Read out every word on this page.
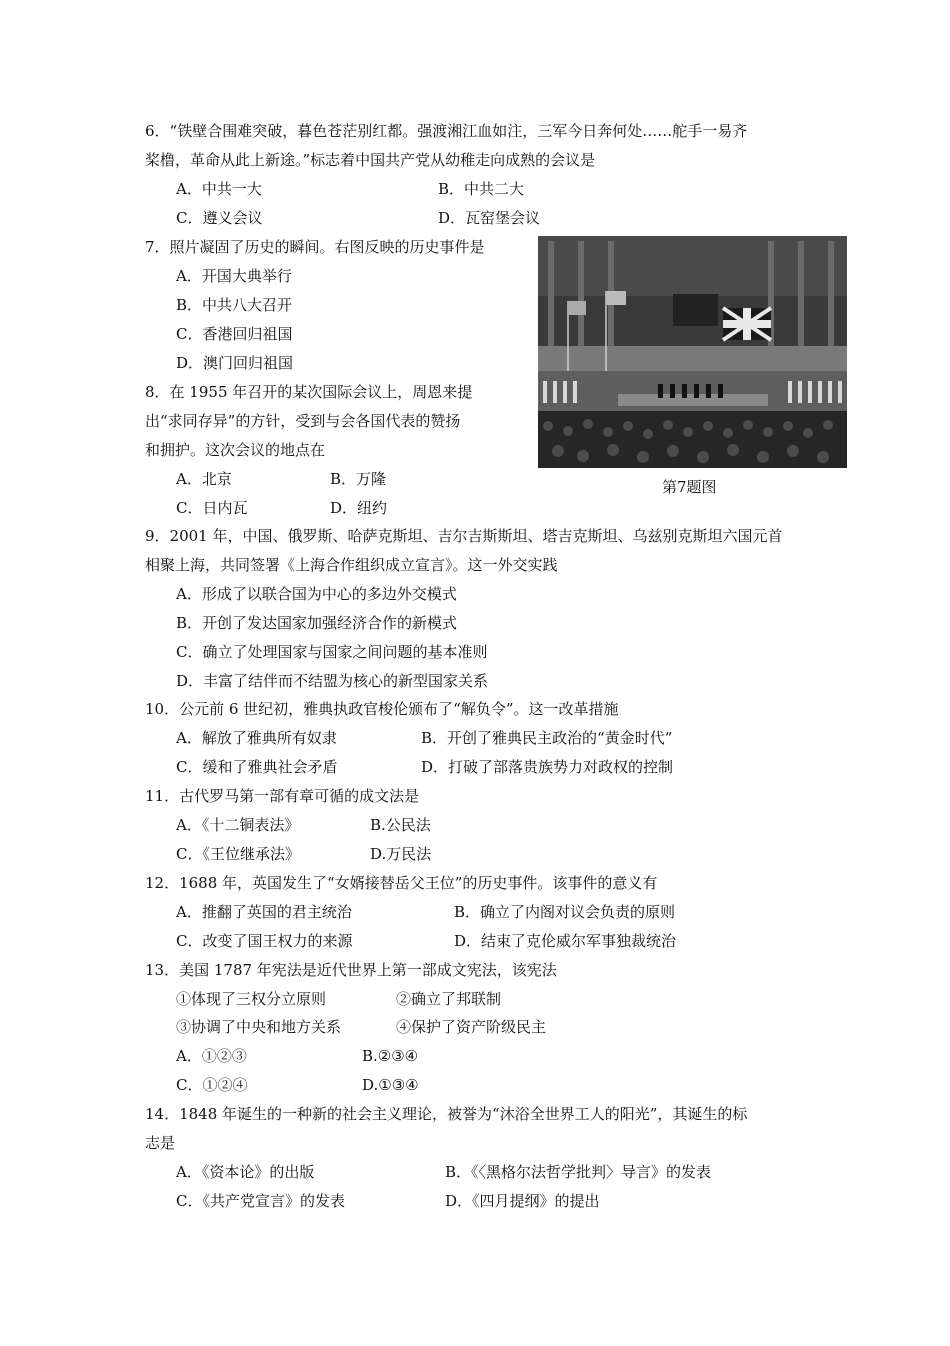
6．“铁壁合围难突破，暮色苍茫别红都。强渡湘江血如注，三军今日奔何处……舵手一易齐
桨橹，革命从此上新途。”标志着中国共产党从幼稚走向成熟的会议是
A．中共一大	B．中共二大
C．遵义会议	D．瓦窑堡会议
7．照片凝固了历史的瞬间。右图反映的历史事件是
A．开国大典举行
B．中共八大召开
C．香港回归祖国
D．澳门回归祖国
第7题图
8．在 1955 年召开的某次国际会议上，周恩来提
出“求同存异”的方针，受到与会各国代表的赞扬
和拥护。这次会议的地点在
A．北京	B．万隆
C．日内瓦	D．纽约
9．2001 年，中国、俄罗斯、哈萨克斯坦、吉尔吉斯斯坦、塔吉克斯坦、乌兹别克斯坦六国元首
相聚上海，共同签署《上海合作组织成立宣言》。这一外交实践
A．形成了以联合国为中心的多边外交模式
B．开创了发达国家加强经济合作的新模式
C．确立了处理国家与国家之间问题的基本准则
D．丰富了结伴而不结盟为核心的新型国家关系
10．公元前 6 世纪初，雅典执政官梭伦颁布了“解负令”。这一改革措施
A．解放了雅典所有奴隶	B．开创了雅典民主政治的“黄金时代”
C．缓和了雅典社会矛盾	D．打破了部落贵族势力对政权的控制
11．古代罗马第一部有章可循的成文法是
A．《十二铜表法》	B.公民法
C．《王位继承法》	D.万民法
12．1688 年，英国发生了“女婿接替岳父王位”的历史事件。该事件的意义有
A．推翻了英国的君主统治	B．确立了内阁对议会负责的原则
C．改变了国王权力的来源	D．结束了克伦威尔军事独裁统治
13．美国 1787 年宪法是近代世界上第一部成文宪法，该宪法
①体现了三权分立原则	②确立了邦联制
③协调了中央和地方关系	④保护了资产阶级民主
A．①②③	B.②③④
C．①②④	D.①③④
14．1848 年诞生的一种新的社会主义理论，被誉为“沐浴全世界工人的阳光”，其诞生的标
志是
A．《资本论》的出版	B．《〈黑格尔法哲学批判〉导言》的发表
C．《共产党宣言》的发表	D．《四月提纲》的提出
